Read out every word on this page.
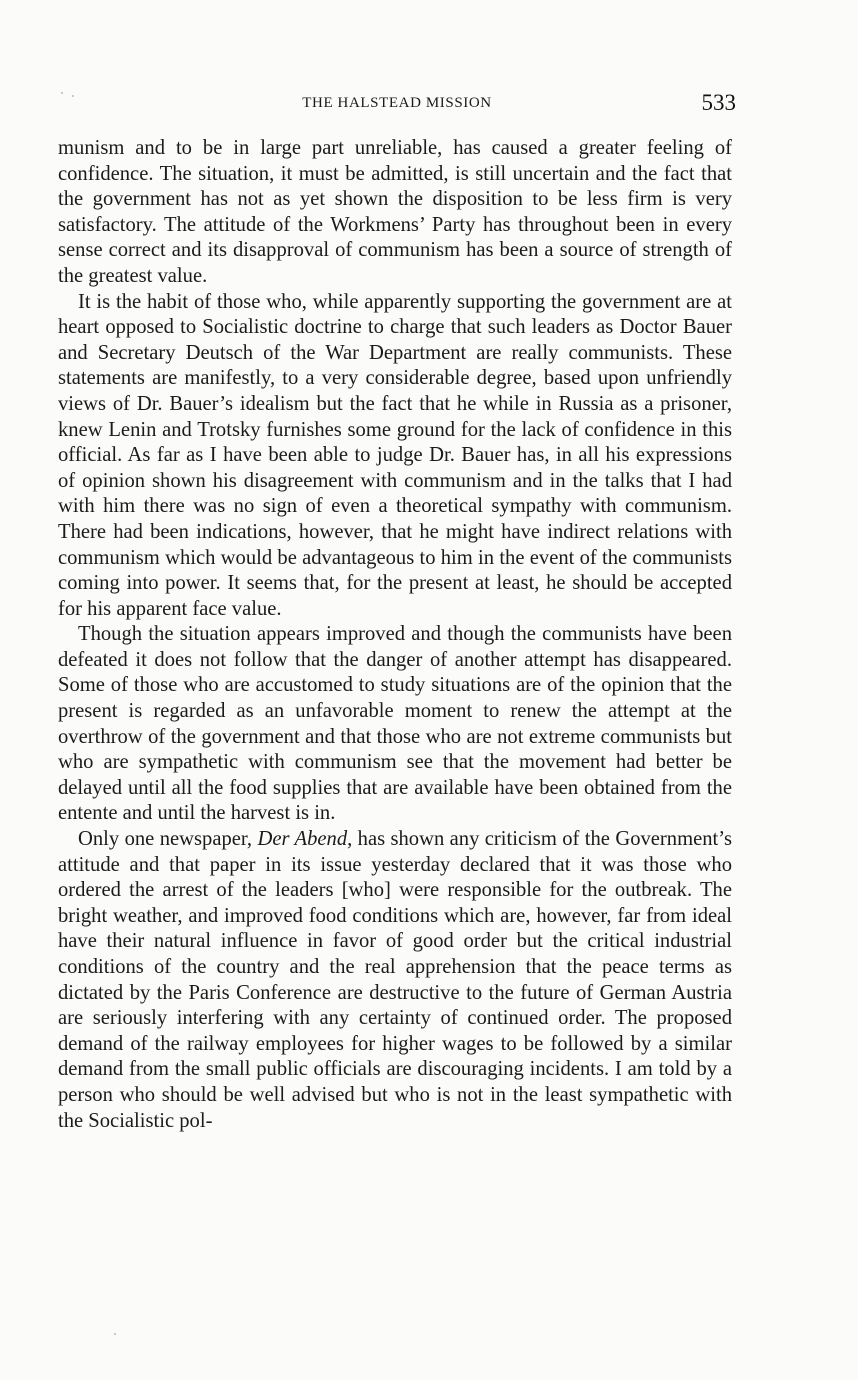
THE HALSTEAD MISSION	533

munism and to be in large part unreliable, has caused a greater feeling of confidence. The situation, it must be admitted, is still uncertain and the fact that the government has not as yet shown the disposition to be less firm is very satisfactory. The attitude of the Workmens’ Party has throughout been in every sense correct and its disapproval of communism has been a source of strength of the greatest value.

It is the habit of those who, while apparently supporting the government are at heart opposed to Socialistic doctrine to charge that such leaders as Doctor Bauer and Secretary Deutsch of the War Department are really communists. These statements are manifestly, to a very considerable degree, based upon unfriendly views of Dr. Bauer’s idealism but the fact that he while in Russia as a prisoner, knew Lenin and Trotsky furnishes some ground for the lack of confidence in this official. As far as I have been able to judge Dr. Bauer has, in all his expressions of opinion shown his disagreement with communism and in the talks that I had with him there was no sign of even a theoretical sympathy with communism. There had been indications, however, that he might have indirect relations with communism which would be advantageous to him in the event of the communists coming into power. It seems that, for the present at least, he should be accepted for his apparent face value.

Though the situation appears improved and though the communists have been defeated it does not follow that the danger of another attempt has disappeared. Some of those who are accustomed to study situations are of the opinion that the present is regarded as an unfavorable moment to renew the attempt at the overthrow of the government and that those who are not extreme communists but who are sympathetic with communism see that the movement had better be delayed until all the food supplies that are available have been obtained from the entente and until the harvest is in.

Only one newspaper, Der Abend, has shown any criticism of the Government’s attitude and that paper in its issue yesterday declared that it was those who ordered the arrest of the leaders [who] were responsible for the outbreak. The bright weather, and improved food conditions which are, however, far from ideal have their natural influence in favor of good order but the critical industrial conditions of the country and the real apprehension that the peace terms as dictated by the Paris Conference are destructive to the future of German Austria are seriously interfering with any certainty of continued order. The proposed demand of the railway employees for higher wages to be followed by a similar demand from the small public officials are discouraging incidents. I am told by a person who should be well advised but who is not in the least sympathetic with the Socialistic pol-
